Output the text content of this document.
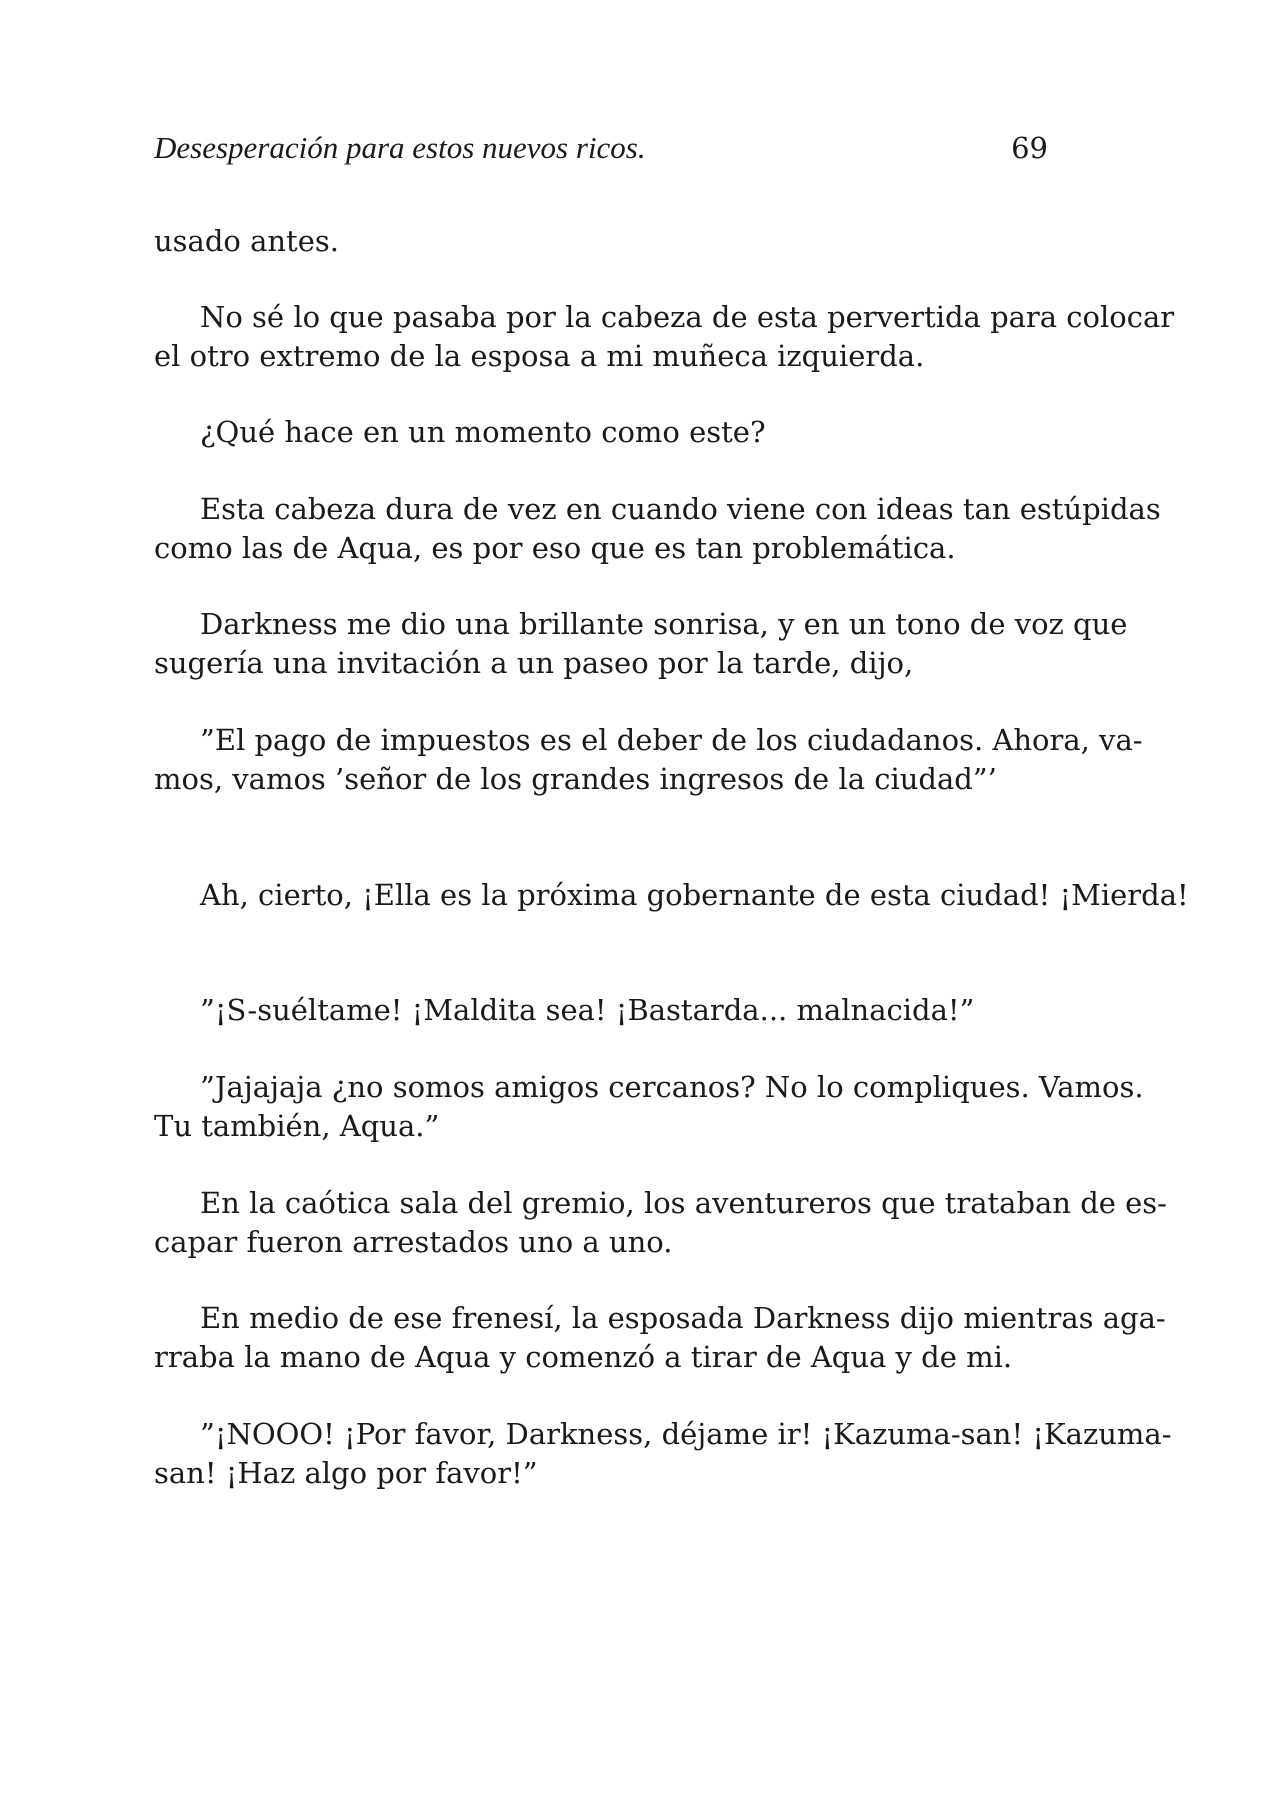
Desesperación para estos nuevos ricos.	69

usado antes.

No sé lo que pasaba por la cabeza de esta pervertida para colocar
el otro extremo de la esposa a mi muñeca izquierda.

¿Qué hace en un momento como este?

Esta cabeza dura de vez en cuando viene con ideas tan estúpidas
como las de Aqua, es por eso que es tan problemática.

Darkness me dio una brillante sonrisa, y en un tono de voz que
sugería una invitación a un paseo por la tarde, dijo,

”El pago de impuestos es el deber de los ciudadanos. Ahora, va-
mos, vamos ’señor de los grandes ingresos de la ciudad”’

Ah, cierto, ¡Ella es la próxima gobernante de esta ciudad! ¡Mierda!

”¡S-suéltame! ¡Maldita sea! ¡Bastarda... malnacida!”

”Jajajaja ¿no somos amigos cercanos? No lo compliques. Vamos.
Tu también, Aqua.”

En la caótica sala del gremio, los aventureros que trataban de es-
capar fueron arrestados uno a uno.

En medio de ese frenesí, la esposada Darkness dijo mientras aga-
rraba la mano de Aqua y comenzó a tirar de Aqua y de mi.

”¡NOOO! ¡Por favor, Darkness, déjame ir! ¡Kazuma-san! ¡Kazuma-
san! ¡Haz algo por favor!”
